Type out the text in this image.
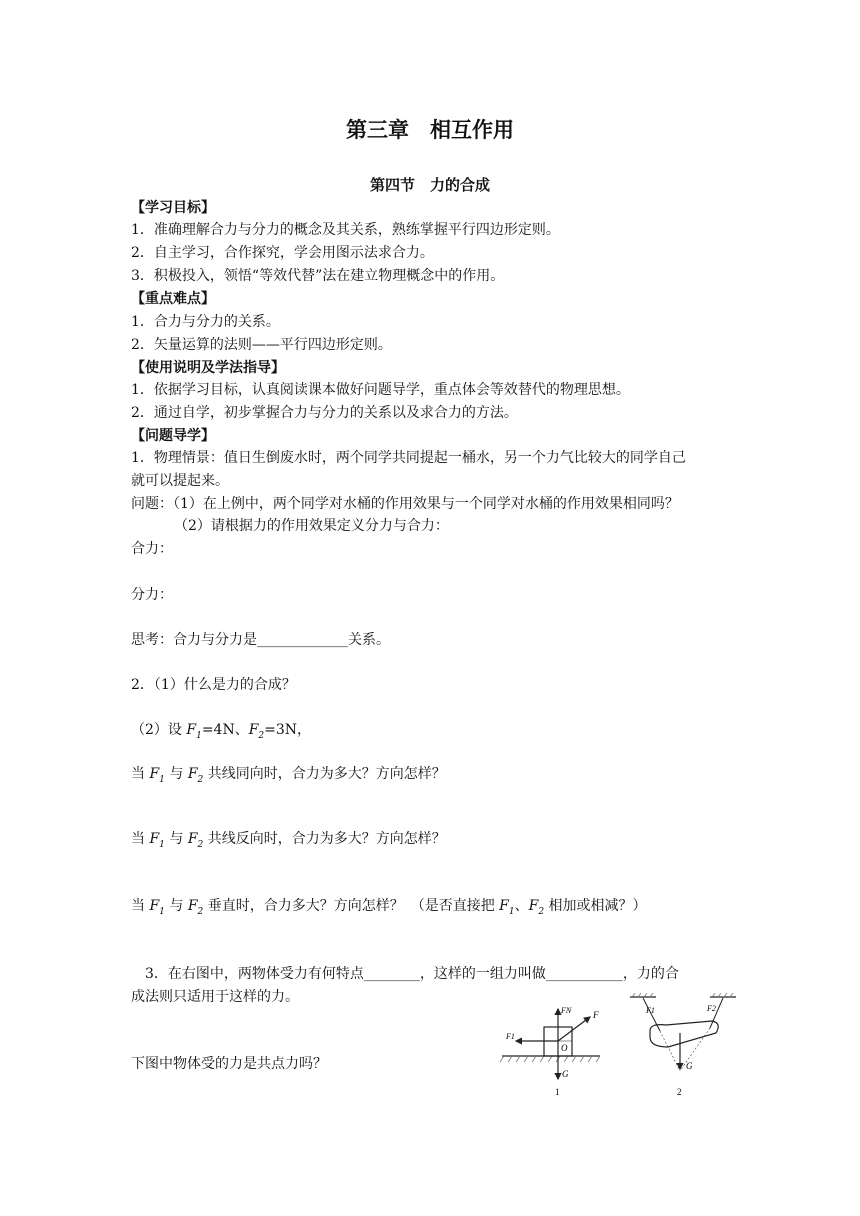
第三章　相互作用
第四节　力的合成
【学习目标】
1．准确理解合力与分力的概念及其关系，熟练掌握平行四边形定则。
2．自主学习，合作探究，学会用图示法求合力。
3．积极投入，领悟“等效代替”法在建立物理概念中的作用。
【重点难点】
1．合力与分力的关系。
2．矢量运算的法则——平行四边形定则。
【使用说明及学法指导】
1．依据学习目标，认真阅读课本做好问题导学，重点体会等效替代的物理思想。
2．通过自学，初步掌握合力与分力的关系以及求合力的方法。
【问题导学】
1．物理情景：值日生倒废水时，两个同学共同提起一桶水，另一个力气比较大的同学自己
就可以提起来。
问题：（1）在上例中，两个同学对水桶的作用效果与一个同学对水桶的作用效果相同吗？
（2）请根据力的作用效果定义分力与合力：
合力：
分力：
思考：合力与分力是_____________关系。
2．（1）什么是力的合成？
（2）设 $F_1=4N$、$F_2=3N$，
当 $F_1$ 与 $F_2$ 共线同向时，合力为多大？方向怎样？
当 $F_1$ 与 $F_2$ 共线反向时，合力为多大？方向怎样？
当 $F_1$ 与 $F_2$ 垂直时，合力多大？方向怎样？　（是否直接把 $F_1$、$F_2$ 相加或相减？）
3．在右图中，两物体受力有何特点________，这样的一组力叫做___________，力的合
成法则只适用于这样的力。
下图中物体受的力是共点力吗？
FN F
F1
O
G
1
F1	F2
G
2
